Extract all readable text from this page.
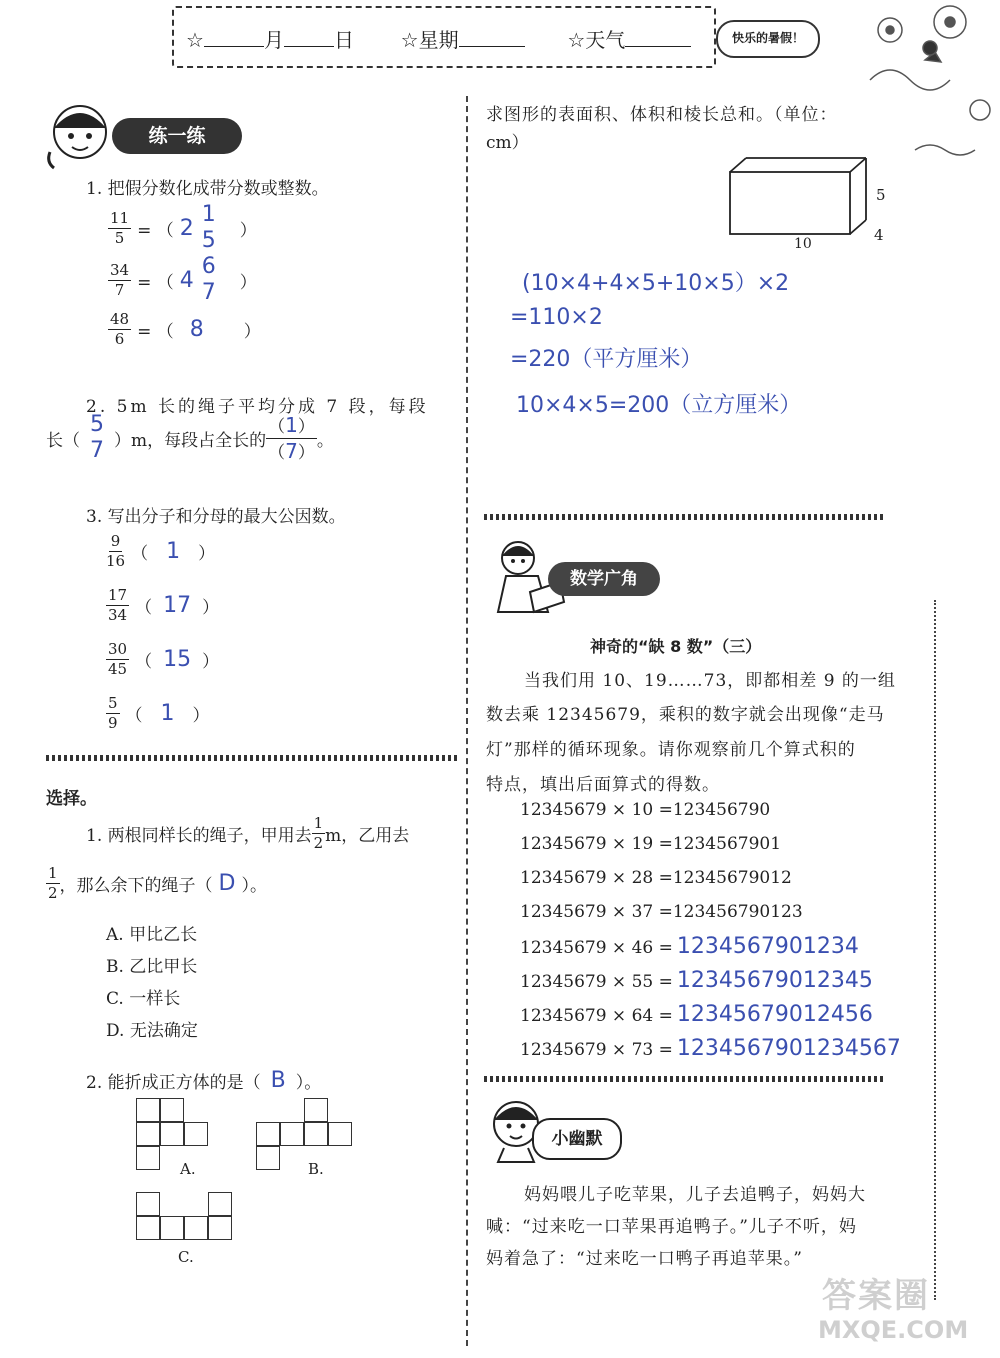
☆	月	日 ☆星期	☆天气	快乐的暑假！
练一练
1. 把假分数化成带分数或整数。
$\frac{11}{5}$ = （ 2
1
5 ）
$\frac{34}{7}$ = （ 4
6
7 ）
$\frac{48}{6}$ = （ 8 ）
2. 5m 长的绳子平均分成 7 段，每段
长（
5
7 ）m，每段占全长的 $\frac{(1)}{(7)}$ 。
3. 写出分子和分母的最大公因数。
$\frac{9}{16}$ （ 1	）
$\frac{17}{34}$ （ 17 ）
$\frac{30}{45}$ （ 15 ）
$\frac{5}{9}$ （ 1	）
选择。
1. 两根同样长的绳子，甲用去 $\frac{1}{2}$ m，乙用去
$\frac{1}{2}$ ，那么余下的绳子（ D ）。
A. 甲比乙长
B. 乙比甲长
C. 一样长
D. 无法确定
2. 能折成正方体的是（ B ）。
A.	B.
C.
求图形的表面积、体积和棱长总和。（单位：
cm）
5
4
10
(10×4+4×5+10×5）×2
=110×2
=220（平方厘米）
10×4×5=200（立方厘米）
数学广角
神奇的“缺 8 数”（三）
当我们用 10、19……73，即都相差 9 的一组
数去乘 12345679，乘积的数字就会出现像“走马
灯”那样的循环现象。请你观察前几个算式积的
特点，填出后面算式的得数。
12345679 × 10 =123456790
12345679 × 19 =1234567901
12345679 × 28 =12345679012
12345679 × 37 =123456790123
12345679 × 46 = 1234567901234
12345679 × 55 = 12345679012345
12345679 × 64 = 12345679012456
12345679 × 73 = 1234567901234567
小幽默
妈妈喂儿子吃苹果，儿子去追鸭子，妈妈大
喊：“过来吃一口苹果再追鸭子。”儿子不听，妈
妈着急了：“过来吃一口鸭子再追苹果。”
答案圈
MXQE.COM
